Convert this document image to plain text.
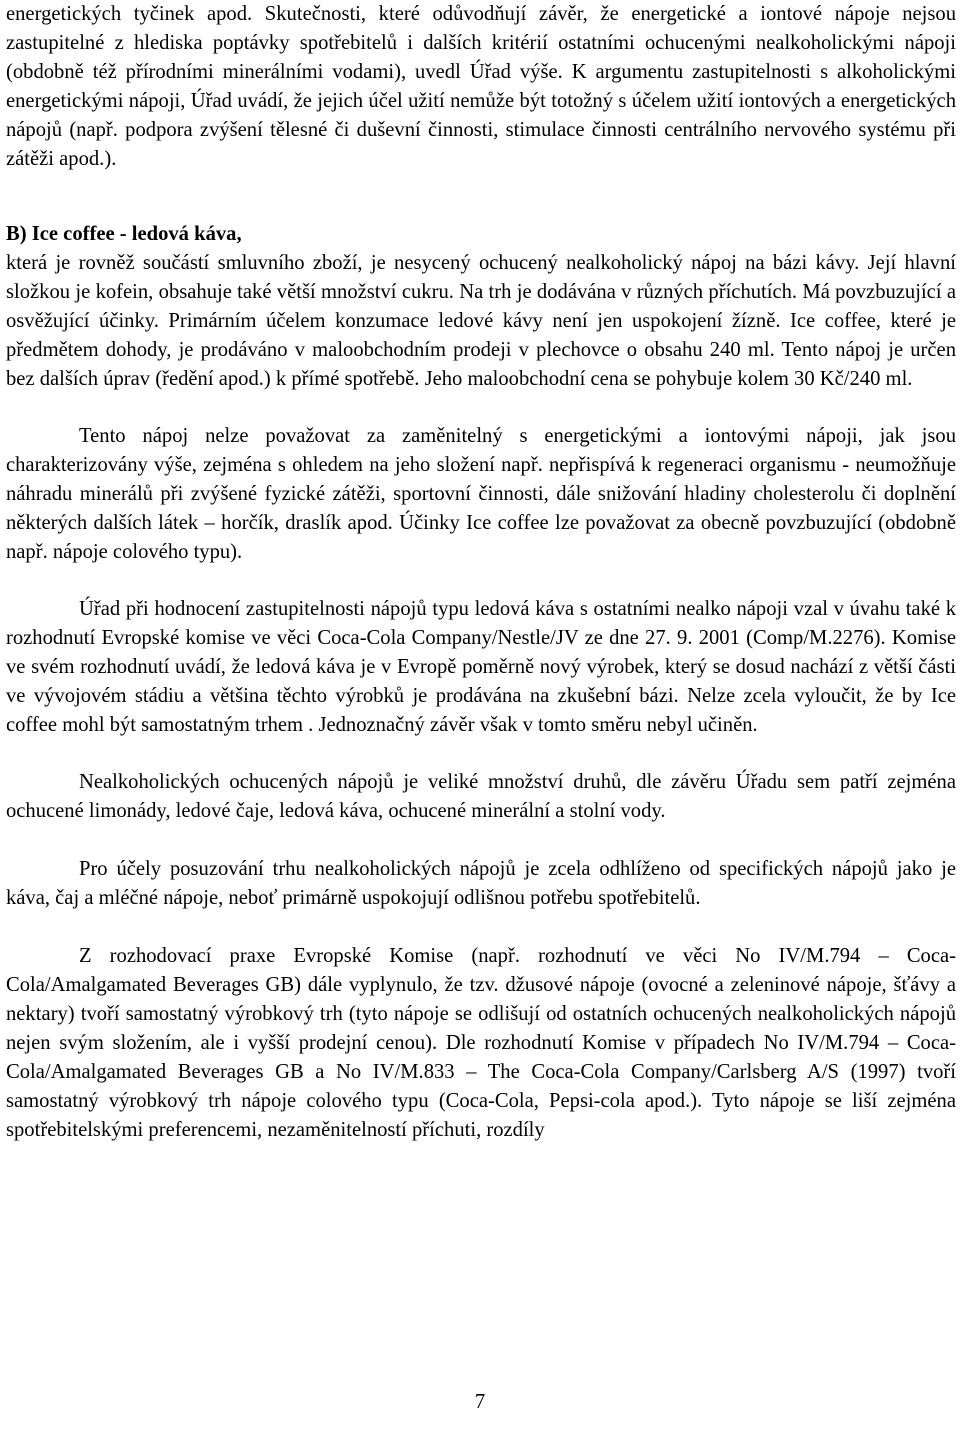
energetických tyčinek apod. Skutečnosti, které odůvodňují závěr, že energetické a iontové nápoje nejsou zastupitelné z hlediska poptávky spotřebitelů i dalších kritérií ostatními ochucenými nealkoholickými nápoji (obdobně též přírodními minerálními vodami), uvedl Úřad výše. K argumentu zastupitelnosti s alkoholickými energetickými nápoji, Úřad uvádí, že jejich účel užití nemůže být totožný s účelem užití iontových a energetických nápojů (např. podpora zvýšení tělesné či duševní činnosti, stimulace činnosti centrálního nervového systému při zátěži apod.).

B) Ice coffee - ledová káva,

která je rovněž součástí smluvního zboží, je nesycený ochucený nealkoholický nápoj na bázi kávy. Její hlavní složkou je kofein, obsahuje také větší množství cukru. Na trh je dodávána v různých příchutích. Má povzbuzující a osvěžující účinky. Primárním účelem konzumace ledové kávy není jen uspokojení žízně. Ice coffee, které je předmětem dohody, je prodáváno v maloobchodním prodeji v plechovce o obsahu 240 ml. Tento nápoj je určen bez dalších úprav (ředění apod.) k přímé spotřebě. Jeho maloobchodní cena se pohybuje kolem 30 Kč/240 ml.

Tento nápoj nelze považovat za zaměnitelný s energetickými a iontovými nápoji, jak jsou charakterizovány výše, zejména s ohledem na jeho složení např. nepřispívá k regeneraci organismu - neumožňuje náhradu minerálů při zvýšené fyzické zátěži, sportovní činnosti, dále snižování hladiny cholesterolu či doplnění některých dalších látek – horčík, draslík apod. Účinky Ice coffee lze považovat za obecně povzbuzující (obdobně např. nápoje colového typu).

Úřad při hodnocení zastupitelnosti nápojů typu ledová káva s ostatními nealko nápoji vzal v úvahu také k rozhodnutí Evropské komise ve věci Coca-Cola Company/Nestle/JV ze dne 27. 9. 2001 (Comp/M.2276). Komise ve svém rozhodnutí uvádí, že ledová káva je v Evropě poměrně nový výrobek, který se dosud nachází z větší části ve vývojovém stádiu a většina těchto výrobků je prodávána na zkušební bázi. Nelze zcela vyloučit, že by Ice coffee mohl být samostatným trhem . Jednoznačný závěr však v tomto směru nebyl učiněn.

Nealkoholických ochucených nápojů je veliké množství druhů, dle závěru Úřadu sem patří zejména ochucené limonády, ledové čaje, ledová káva, ochucené minerální a stolní vody.

Pro účely posuzování trhu nealkoholických nápojů je zcela odhlíženo od specifických nápojů jako je káva, čaj a mléčné nápoje, neboť primárně uspokojují odlišnou potřebu spotřebitelů.

Z rozhodovací praxe Evropské Komise (např. rozhodnutí ve věci No IV/M.794 – Coca-Cola/Amalgamated Beverages GB) dále vyplynulo, že tzv. džusové nápoje (ovocné a zeleninové nápoje, šťávy a nektary) tvoří samostatný výrobkový trh (tyto nápoje se odlišují od ostatních ochucených nealkoholických nápojů nejen svým složením, ale i vyšší prodejní cenou). Dle rozhodnutí Komise v případech No IV/M.794 – Coca-Cola/Amalgamated Beverages GB a No IV/M.833 – The Coca-Cola Company/Carlsberg A/S (1997) tvoří samostatný výrobkový trh nápoje colového typu (Coca-Cola, Pepsi-cola apod.). Tyto nápoje se liší zejména spotřebitelskými preferencemi, nezaměnitelností příchuti, rozdíly

7
